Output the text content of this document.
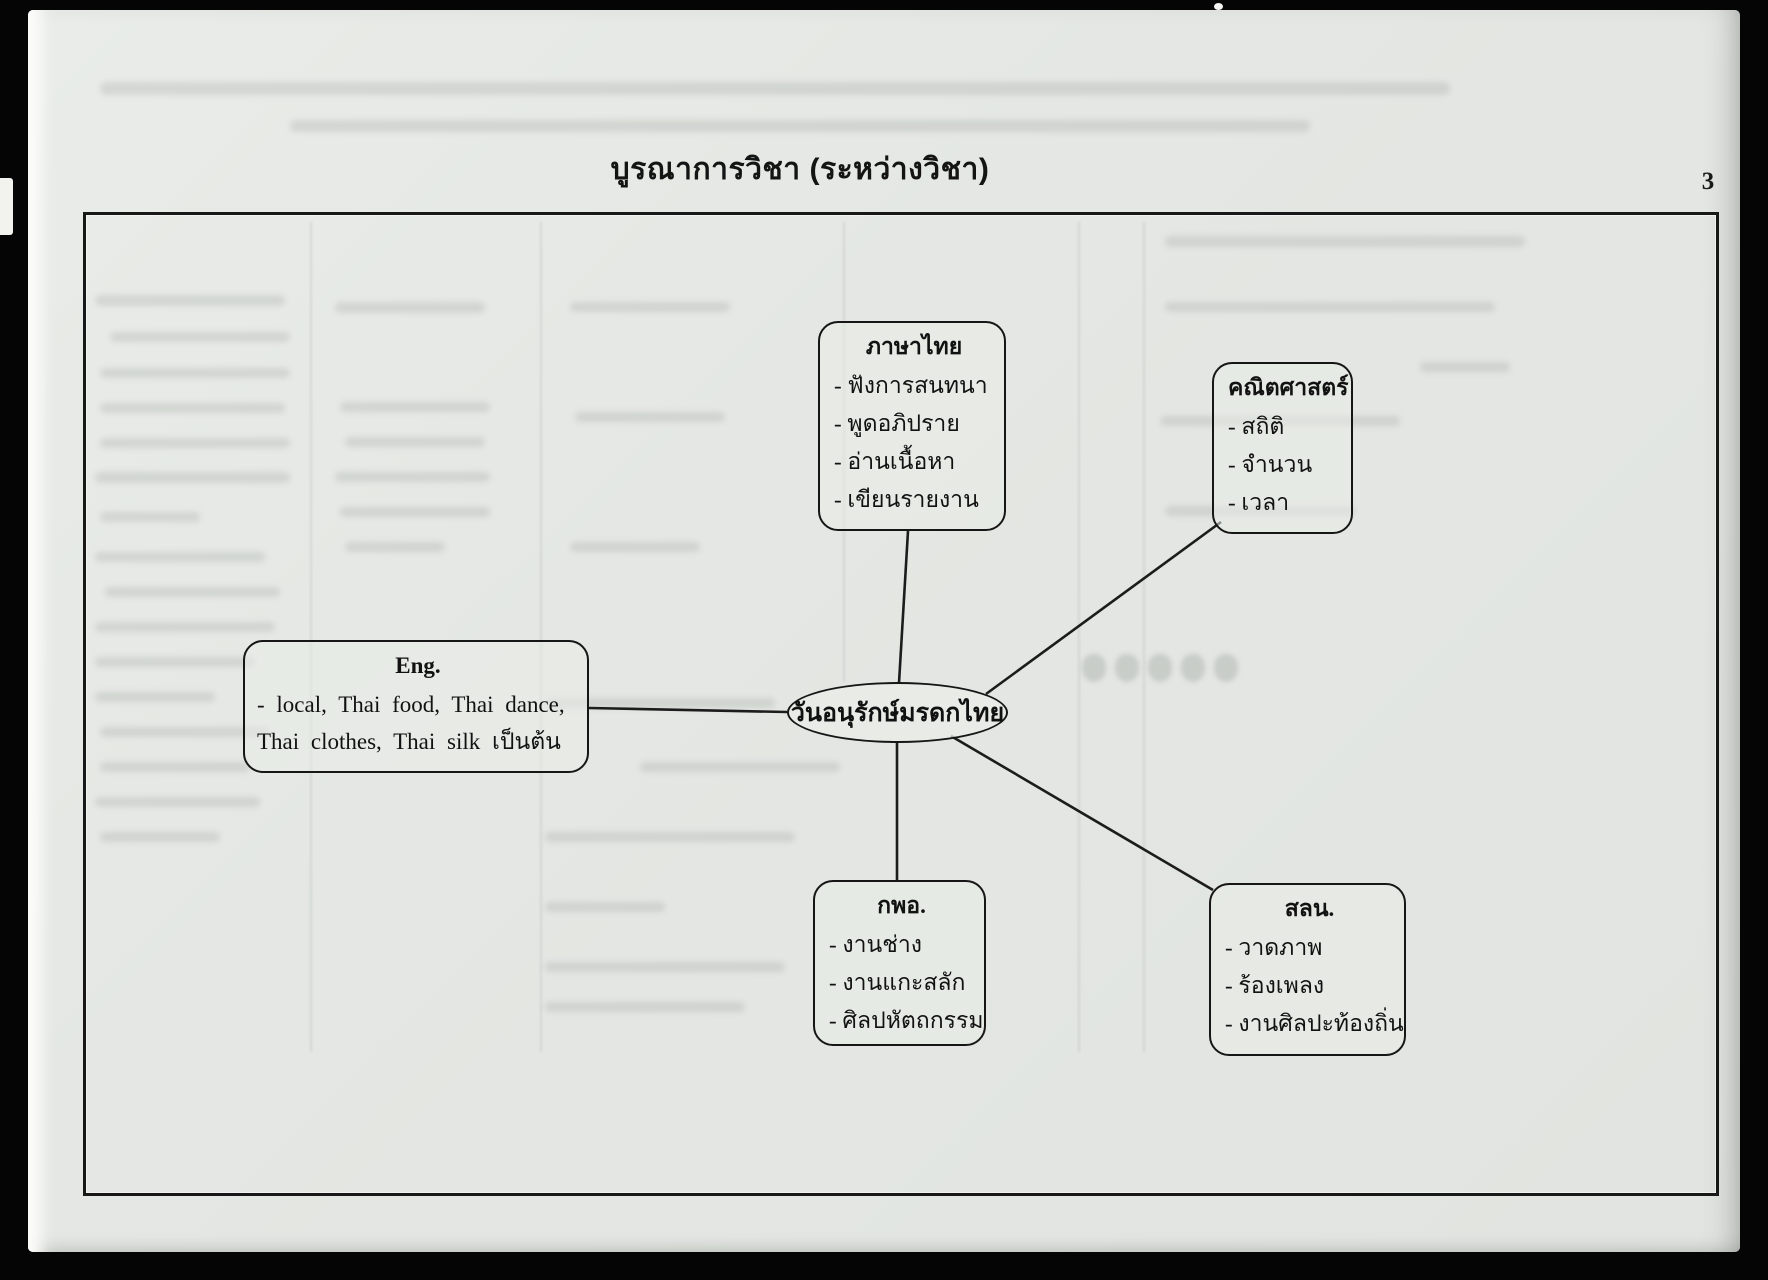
บูรณาการวิชา (ระหว่างวิชา)	3
ภาษาไทย
- ฟังการสนทนา
- พูดอภิปราย
- อ่านเนื้อหา
- เขียนรายงาน
คณิตศาสตร์
- สถิติ
- จำนวน
- เวลา
Eng.
- local, Thai food, Thai dance, Thai clothes, Thai silk เป็นต้น
กพอ.
- งานช่าง
- งานแกะสลัก
- ศิลปหัตถกรรม
สลน.
- วาดภาพ
- ร้องเพลง
- งานศิลปะท้องถิ่น
วันอนุรักษ์มรดกไทย
